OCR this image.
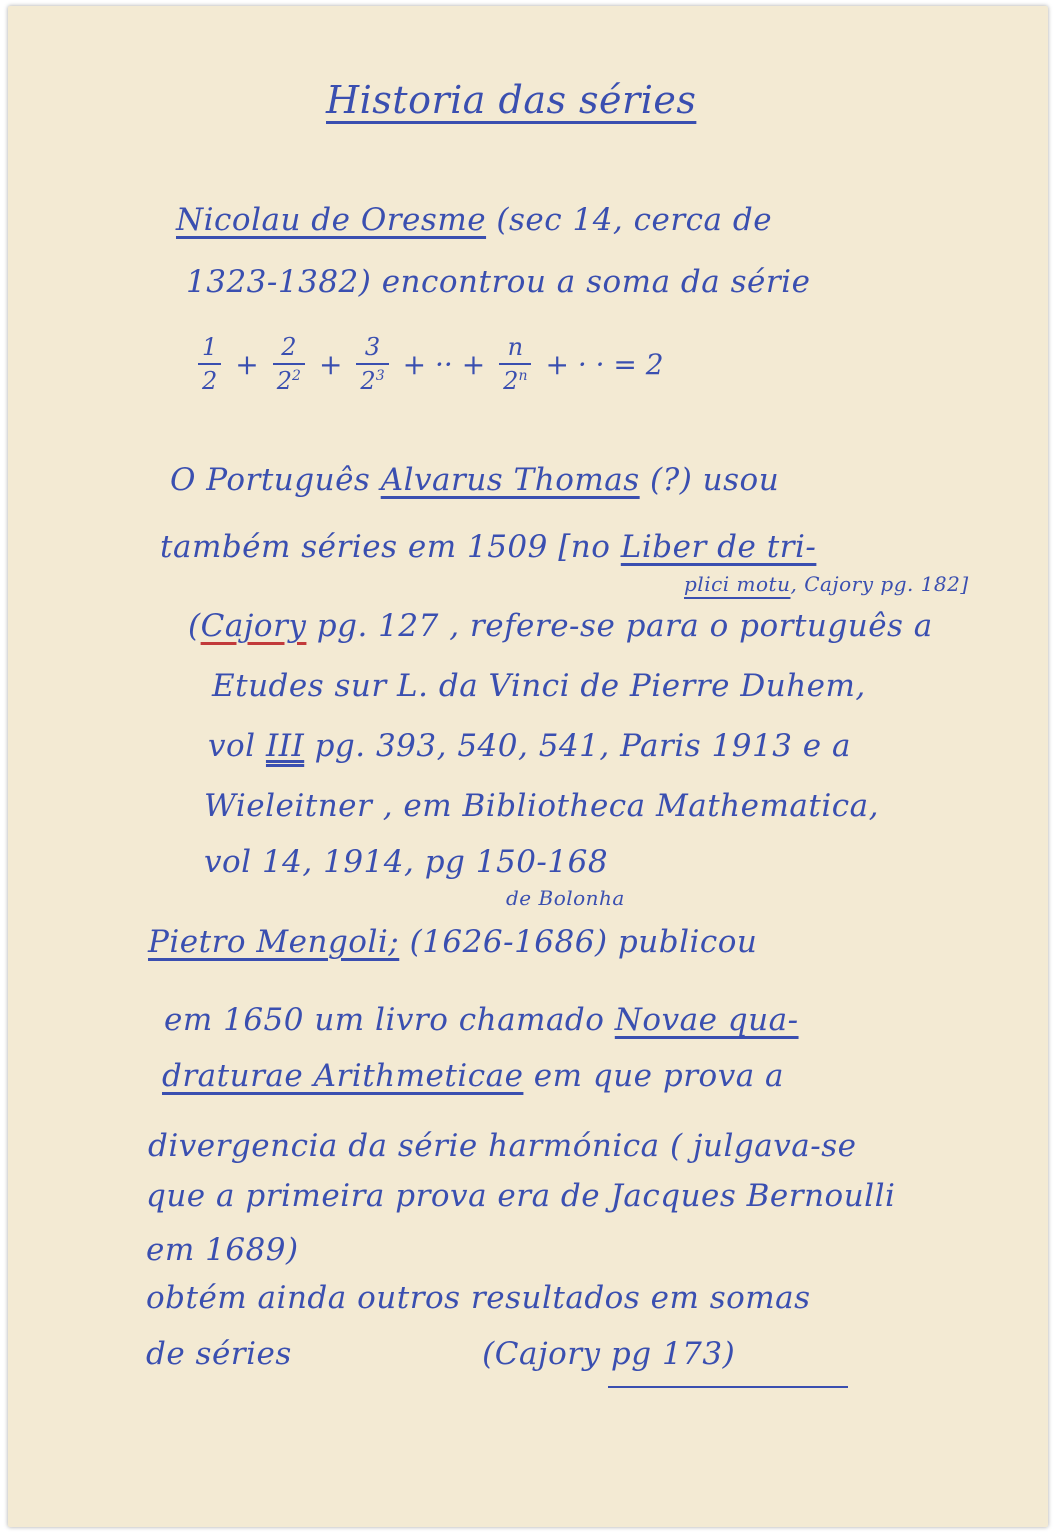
Historia das séries
Nicolau de Oresme (sec 14, cerca de
1323-1382) encontrou a soma da série
$\frac{1}{2} + \frac{2}{2^2} + \frac{3}{2^3}$ + ·· + $\frac{n}{2^n}$ + · · = 2
O Português Alvarus Thomas (?) usou
também séries em 1509 [no Liber de tri-
plici motu, Cajory pg. 182]
(Cajory pg. 127 , refere-se para o português a
Etudes sur L. da Vinci de Pierre Duhem,
vol III pg. 393, 540, 541, Paris 1913 e a
Wieleitner , em Bibliotheca Mathematica,
vol 14, 1914, pg 150-168
de Bolonha
Pietro Mengoli; (1626-1686) publicou
em 1650 um livro chamado Novae qua-
draturae Arithmeticae em que prova a
divergencia da série harmónica ( julgava-se
que a primeira prova era de Jacques Bernoulli
em 1689)
obtém ainda outros resultados em somas
de séries	(Cajory pg 173)
